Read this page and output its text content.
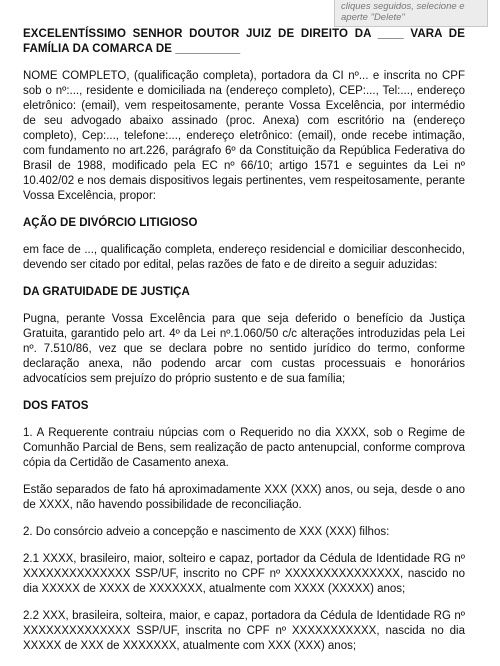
cliques seguidos, selecione e aperte "Delete"

EXCELENTÍSSIMO SENHOR DOUTOR JUIZ DE DIREITO DA ____ VARA DE FAMÍLIA DA COMARCA DE __________

NOME COMPLETO, (qualificação completa), portadora da CI nº... e inscrita no CPF sob o nº:..., residente e domiciliada na (endereço completo), CEP:..., Tel:..., endereço eletrônico: (email), vem respeitosamente, perante Vossa Excelência, por intermédio de seu advogado abaixo assinado (proc. Anexa) com escritório na (endereço completo), Cep:..., telefone:..., endereço eletrônico: (email), onde recebe intimação, com fundamento no art.226, parágrafo 6º da Constituição da República Federativa do Brasil de 1988, modificado pela EC nº 66/10; artigo 1571 e seguintes da Lei nº 10.402/02 e nos demais dispositivos legais pertinentes, vem respeitosamente, perante Vossa Excelência, propor:

AÇÃO DE DIVÓRCIO LITIGIOSO

em face de ..., qualificação completa, endereço residencial e domiciliar desconhecido, devendo ser citado por edital, pelas razões de fato e de direito a seguir aduzidas:

DA GRATUIDADE DE JUSTIÇA

Pugna, perante Vossa Excelência para que seja deferido o benefício da Justiça Gratuita, garantido pelo art. 4º da Lei nº.1.060/50 c/c alterações introduzidas pela Lei nº. 7.510/86, vez que se declara pobre no sentido jurídico do termo, conforme declaração anexa, não podendo arcar com custas processuais e honorários advocatícios sem prejuízo do próprio sustento e de sua família;

DOS FATOS

1. A Requerente contraiu núpcias com o Requerido no dia XXXX, sob o Regime de Comunhão Parcial de Bens, sem realização de pacto antenupcial, conforme comprova cópia da Certidão de Casamento anexa.

Estão separados de fato há aproximadamente XXX (XXX) anos, ou seja, desde o ano de XXXX, não havendo possibilidade de reconciliação.

2. Do consórcio adveio a concepção e nascimento de XXX (XXX) filhos:

2.1 XXXX, brasileiro, maior, solteiro e capaz, portador da Cédula de Identidade RG nº XXXXXXXXXXXXXX SSP/UF, inscrito no CPF nº XXXXXXXXXXXXXXX, nascido no dia XXXXX de XXXX de XXXXXXX, atualmente com XXXX (XXXXX) anos;

2.2 XXX, brasileira, solteira, maior, e capaz, portadora da Cédula de Identidade RG nº XXXXXXXXXXXXXX SSP/UF, inscrita no CPF nº XXXXXXXXXXX, nascida no dia XXXXX de XXX de XXXXXXX, atualmente com XXX (XXX) anos;
